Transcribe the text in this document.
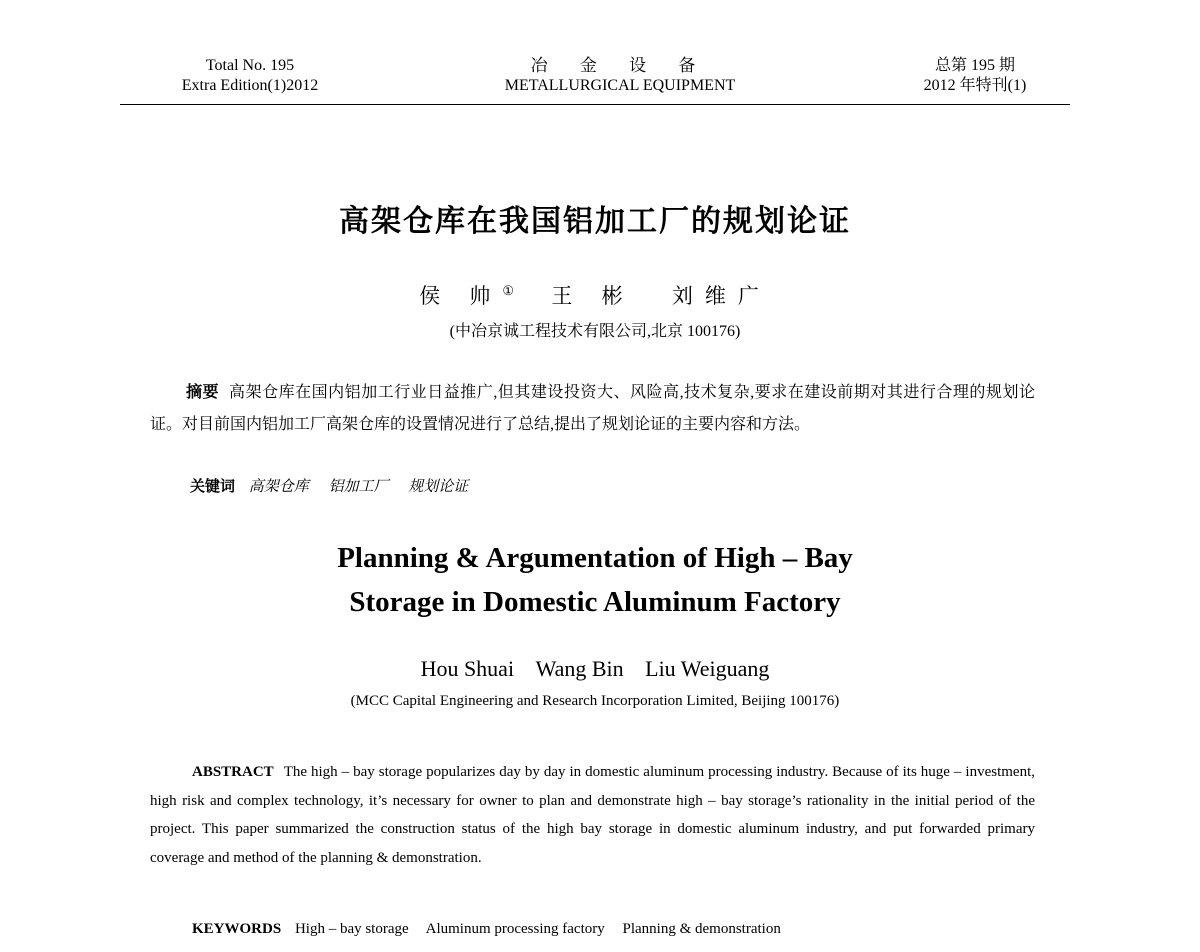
Total No. 195
Extra Edition(1)2012
冶 金 设 备
METALLURGICAL EQUIPMENT
总第 195 期
2012 年特刊(1)
高架仓库在我国铝加工厂的规划论证
侯 帅① 王 彬 刘维广
(中冶京诚工程技术有限公司,北京 100176)
摘要 高架仓库在国内铝加工行业日益推广,但其建设投资大、风险高,技术复杂,要求在建设前期对其进行合理的规划论证。对目前国内铝加工厂高架仓库的设置情况进行了总结,提出了规划论证的主要内容和方法。
关键词 高架仓库 铝加工厂 规划论证
Planning & Argumentation of High – Bay
Storage in Domestic Aluminum Factory
Hou Shuai Wang Bin Liu Weiguang
(MCC Capital Engineering and Research Incorporation Limited, Beijing 100176)
ABSTRACT The high – bay storage popularizes day by day in domestic aluminum processing industry. Because of its huge – investment, high risk and complex technology, it’s necessary for owner to plan and demonstrate high – bay storage’s rationality in the initial period of the project. This paper summarized the construction status of the high bay storage in domestic aluminum industry, and put forwarded primary coverage and method of the planning & demonstration.
KEYWORDS High – bay storage Aluminum processing factory Planning & demonstration
